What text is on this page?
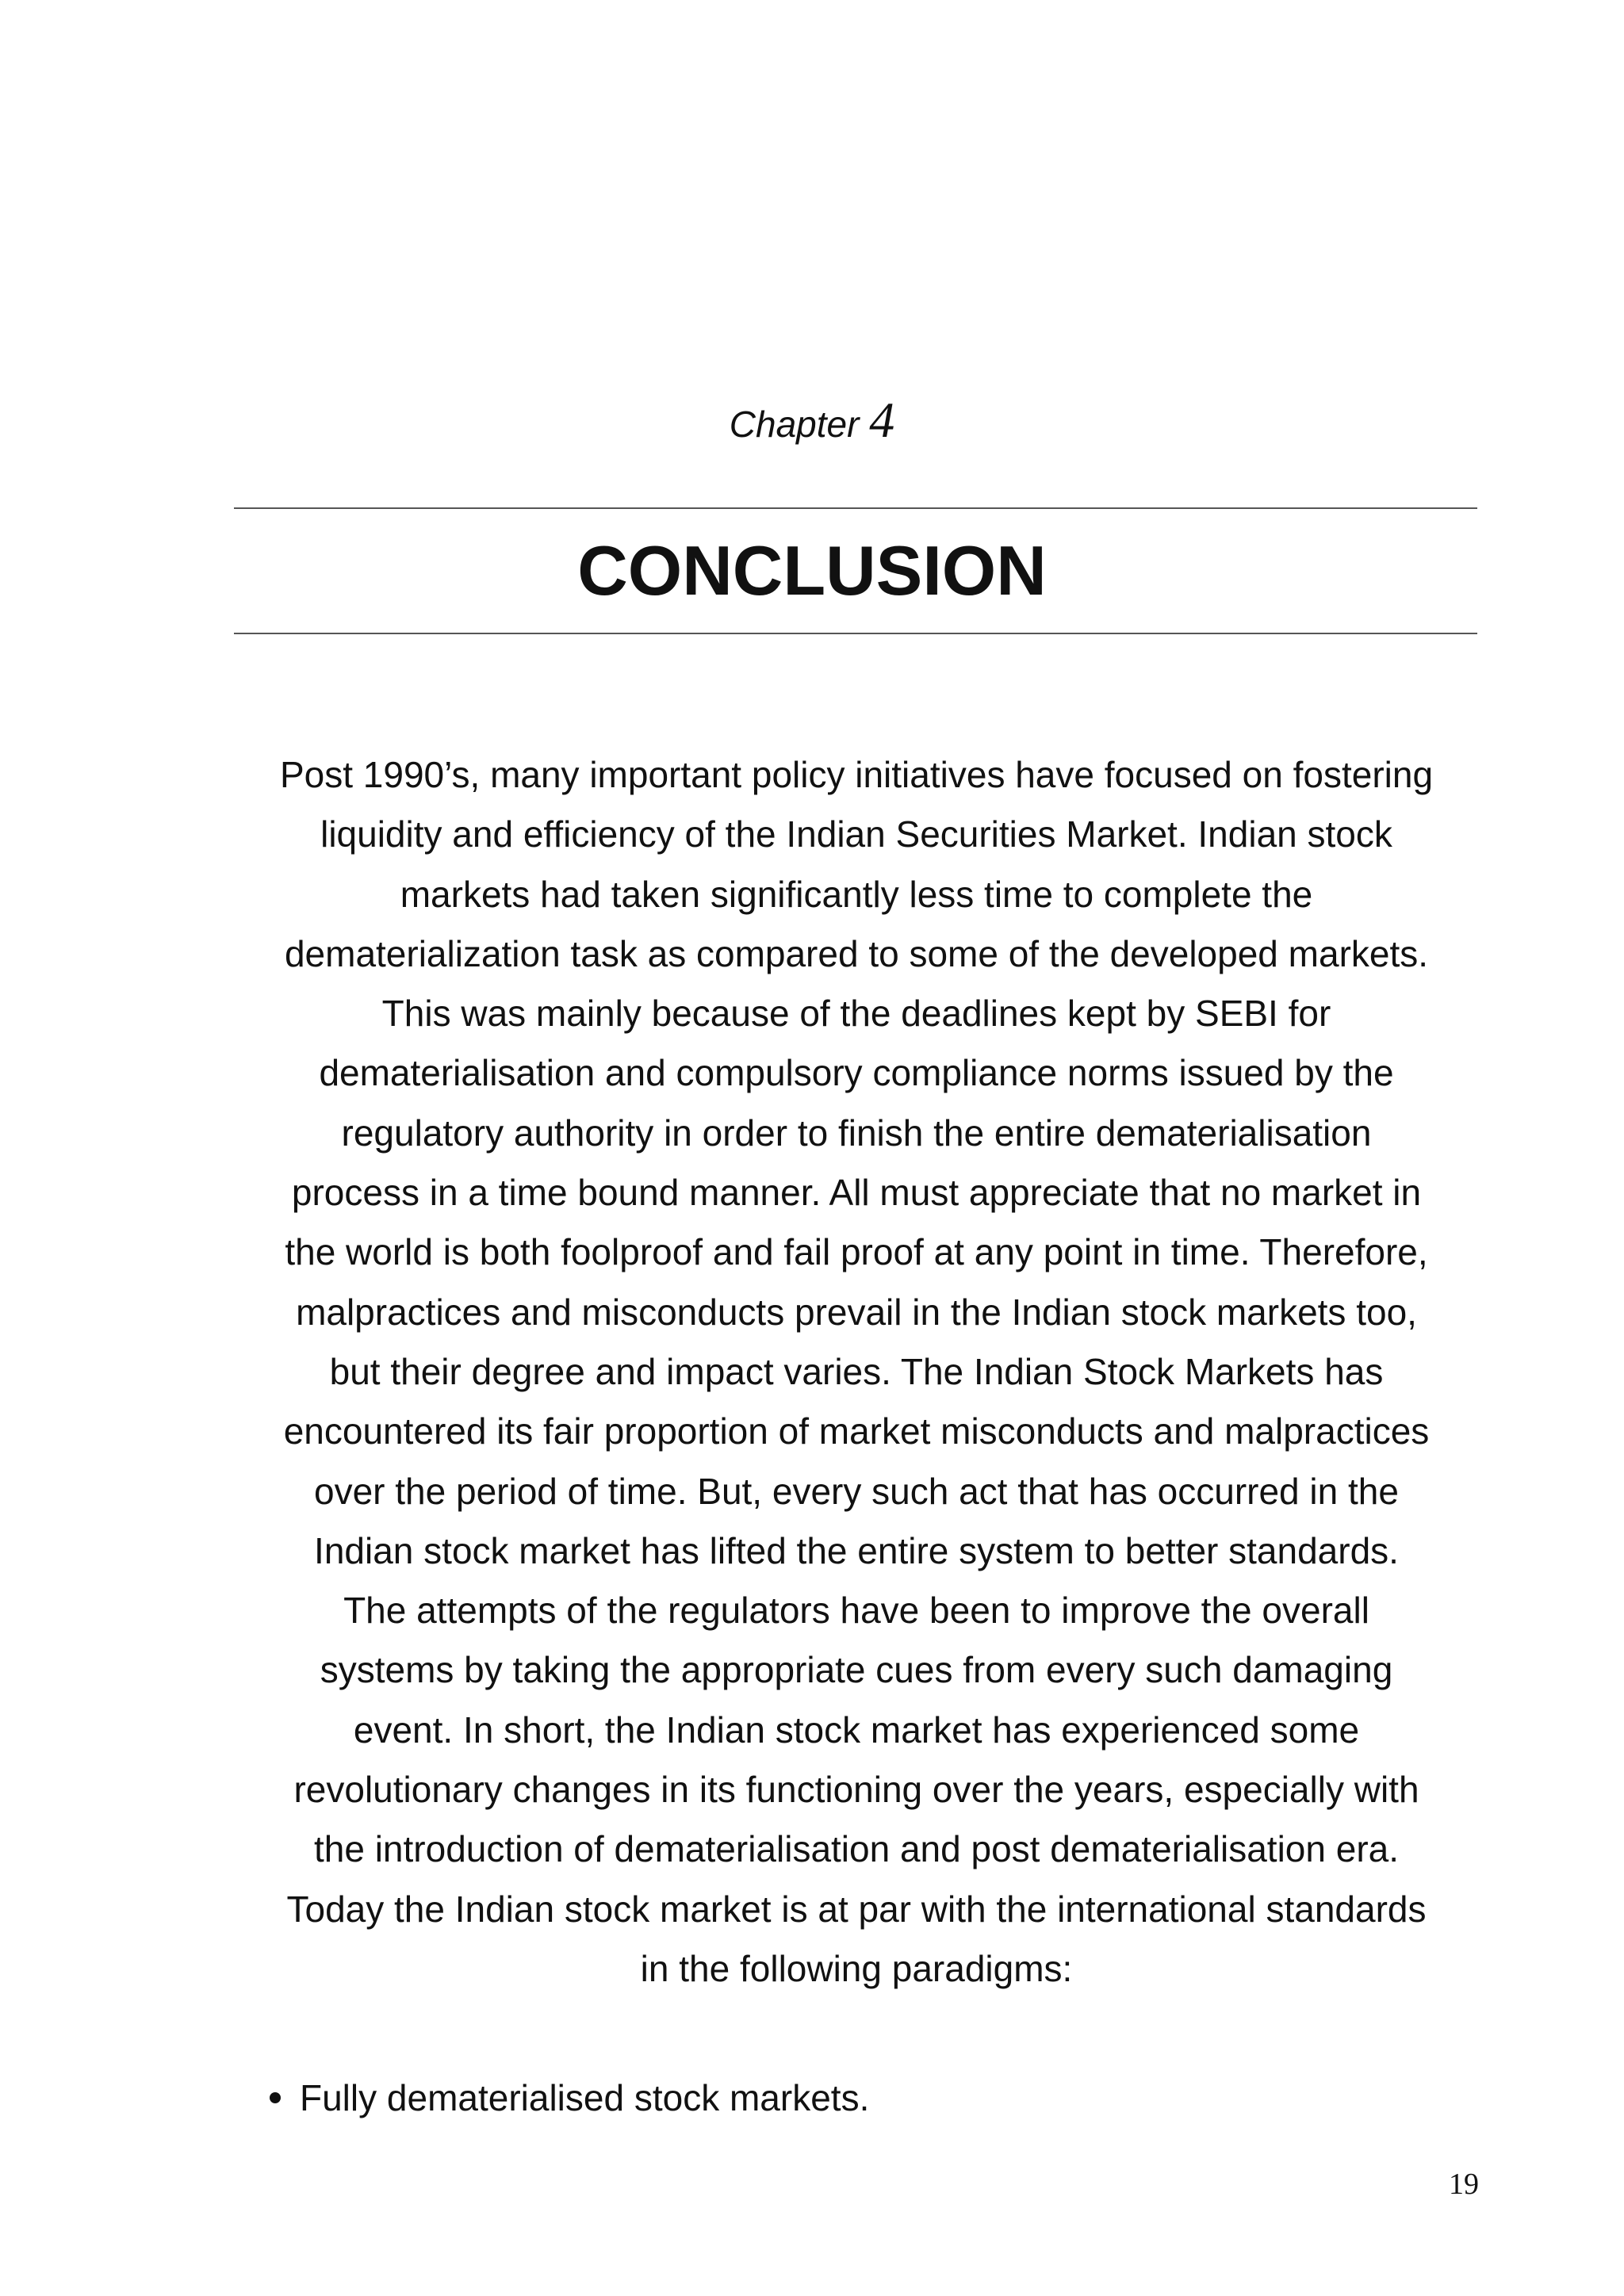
Chapter 4
CONCLUSION
Post 1990’s, many important policy initiatives have focused on fostering
liquidity and efficiency of the Indian Securities Market. Indian stock
markets had taken significantly less time to complete the
dematerialization task as compared to some of the developed markets.
This was mainly because of the deadlines kept by SEBI for
dematerialisation and compulsory compliance norms issued by the
regulatory authority in order to finish the entire dematerialisation
process in a time bound manner. All must appreciate that no market in
the world is both foolproof and fail proof at any point in time. Therefore,
malpractices and misconducts prevail in the Indian stock markets too,
but their degree and impact varies. The Indian Stock Markets has
encountered its fair proportion of market misconducts and malpractices
over the period of time. But, every such act that has occurred in the
Indian stock market has lifted the entire system to better standards.
The attempts of the regulators have been to improve the overall
systems by taking the appropriate cues from every such damaging
event. In short, the Indian stock market has experienced some
revolutionary changes in its functioning over the years, especially with
the introduction of dematerialisation and post dematerialisation era.
Today the Indian stock market is at par with the international standards
in the following paradigms:
Fully dematerialised stock markets.
19
